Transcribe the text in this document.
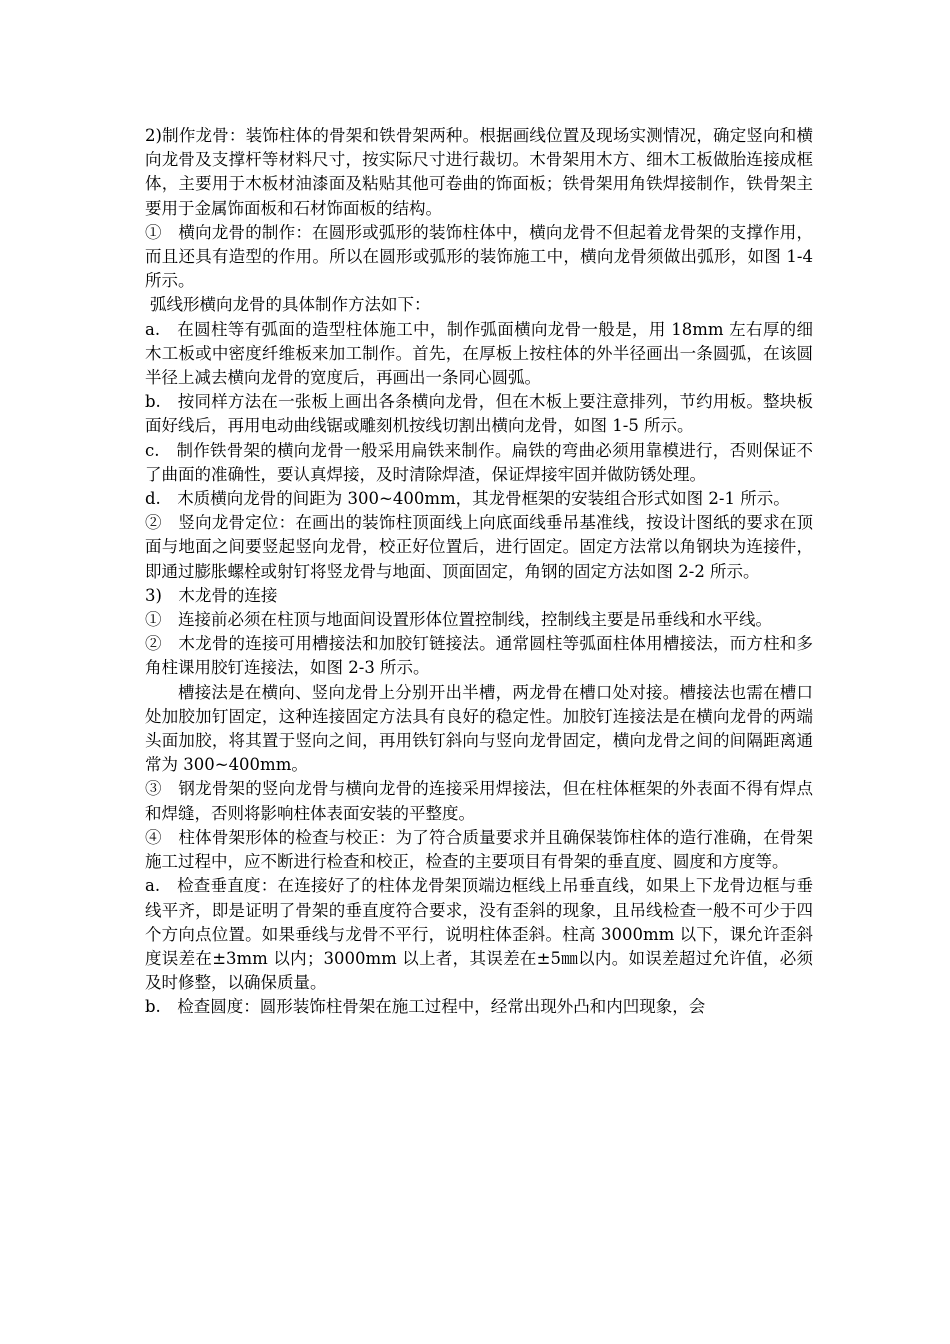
2)制作龙骨：装饰柱体的骨架和铁骨架两种。根据画线位置及现场实测情况，确定竖向和横向龙骨及支撑杆等材料尺寸，按实际尺寸进行裁切。木骨架用木方、细木工板做胎连接成框体，主要用于木板材油漆面及粘贴其他可卷曲的饰面板；铁骨架用角铁焊接制作，铁骨架主要用于金属饰面板和石材饰面板的结构。

①　横向龙骨的制作：在圆形或弧形的装饰柱体中，横向龙骨不但起着龙骨架的支撑作用，而且还具有造型的作用。所以在圆形或弧形的装饰施工中，横向龙骨须做出弧形，如图 1-4 所示。

弧线形横向龙骨的具体制作方法如下：

a.　在圆柱等有弧面的造型柱体施工中，制作弧面横向龙骨一般是，用 18mm 左右厚的细木工板或中密度纤维板来加工制作。首先，在厚板上按柱体的外半径画出一条圆弧，在该圆半径上减去横向龙骨的宽度后，再画出一条同心圆弧。

b.　按同样方法在一张板上画出各条横向龙骨，但在木板上要注意排列，节约用板。整块板面好线后，再用电动曲线锯或雕刻机按线切割出横向龙骨，如图 1-5 所示。

c.　制作铁骨架的横向龙骨一般采用扁铁来制作。扁铁的弯曲必须用靠模进行，否则保证不了曲面的准确性，要认真焊接，及时清除焊渣，保证焊接牢固并做防锈处理。

d.　木质横向龙骨的间距为 300~400mm，其龙骨框架的安装组合形式如图 2-1 所示。

②　竖向龙骨定位：在画出的装饰柱顶面线上向底面线垂吊基准线，按设计图纸的要求在顶面与地面之间要竖起竖向龙骨，校正好位置后，进行固定。固定方法常以角钢块为连接件，即通过膨胀螺栓或射钉将竖龙骨与地面、顶面固定，角钢的固定方法如图 2-2 所示。

3)　木龙骨的连接

①　连接前必须在柱顶与地面间设置形体位置控制线，控制线主要是吊垂线和水平线。

②　木龙骨的连接可用槽接法和加胶钉链接法。通常圆柱等弧面柱体用槽接法，而方柱和多角柱课用胶钉连接法，如图 2-3 所示。

槽接法是在横向、竖向龙骨上分别开出半槽，两龙骨在槽口处对接。槽接法也需在槽口处加胶加钉固定，这种连接固定方法具有良好的稳定性。加胶钉连接法是在横向龙骨的两端头面加胶，将其置于竖向之间，再用铁钉斜向与竖向龙骨固定，横向龙骨之间的间隔距离通常为 300~400mm。

③　钢龙骨架的竖向龙骨与横向龙骨的连接采用焊接法，但在柱体框架的外表面不得有焊点和焊缝，否则将影响柱体表面安装的平整度。

④　柱体骨架形体的检查与校正：为了符合质量要求并且确保装饰柱体的造行准确，在骨架施工过程中，应不断进行检查和校正，检查的主要项目有骨架的垂直度、圆度和方度等。

a.　检查垂直度：在连接好了的柱体龙骨架顶端边框线上吊垂直线，如果上下龙骨边框与垂线平齐，即是证明了骨架的垂直度符合要求，没有歪斜的现象，且吊线检查一般不可少于四个方向点位置。如果垂线与龙骨不平行，说明柱体歪斜。柱高 3000mm 以下，课允许歪斜度误差在±3mm 以内；3000mm 以上者，其误差在±5㎜以内。如误差超过允许值，必须及时修整，以确保质量。

b.　检查圆度：圆形装饰柱骨架在施工过程中，经常出现外凸和内凹现象，会
